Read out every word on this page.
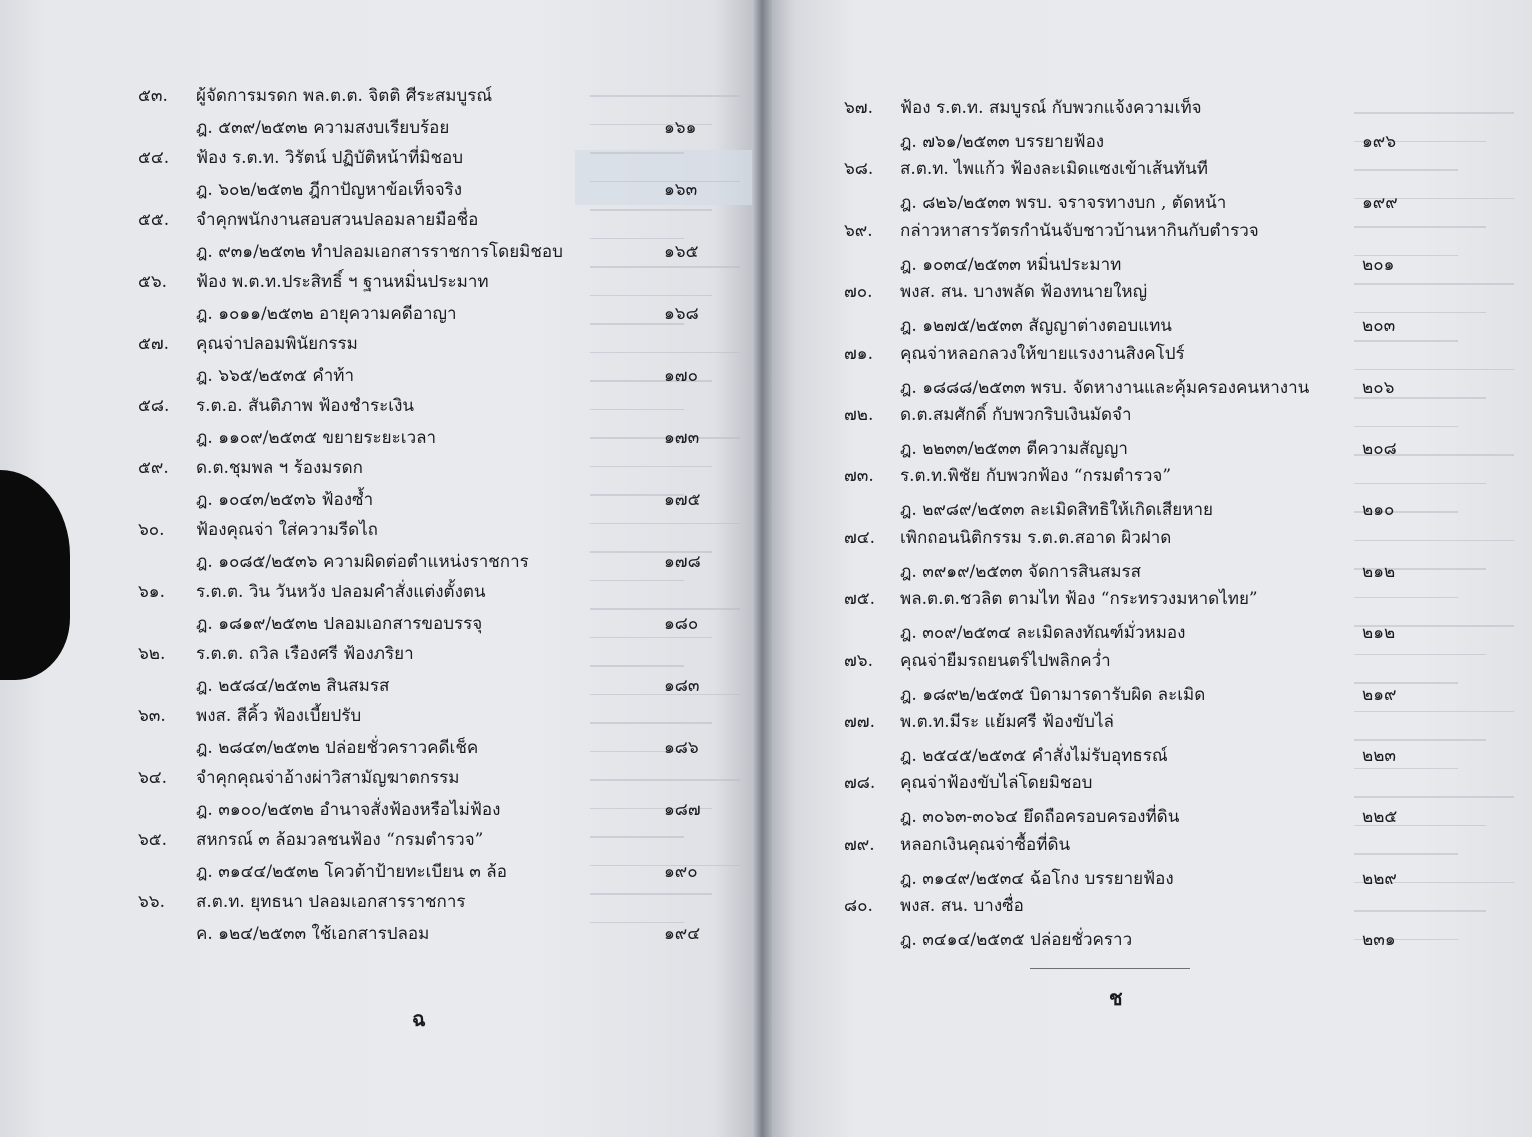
๕๓. ผู้จัดการมรดก พล.ต.ต. จิตติ ศีระสมบูรณ์
ฎ. ๕๓๙/๒๕๓๒ ความสงบเรียบร้อย	๑๖๑
๕๔. ฟ้อง ร.ต.ท. วิรัตน์ ปฏิบัติหน้าที่มิชอบ
ฎ. ๖๐๒/๒๕๓๒ ฎีกาปัญหาข้อเท็จจริง	๑๖๓
๕๕. จำคุกพนักงานสอบสวนปลอมลายมือชื่อ
ฎ. ๙๓๑/๒๕๓๒ ทำปลอมเอกสารราชการโดยมิชอบ	๑๖๕
๕๖. ฟ้อง พ.ต.ท.ประสิทธิ์ ฯ ฐานหมิ่นประมาท
ฎ. ๑๐๑๑/๒๕๓๒ อายุความคดีอาญา	๑๖๘
๕๗. คุณจ่าปลอมพินัยกรรม
ฎ. ๖๖๕/๒๕๓๕ คำท้า	๑๗๐
๕๘. ร.ต.อ. สันติภาพ ฟ้องชำระเงิน
ฎ. ๑๑๐๙/๒๕๓๕ ขยายระยะเวลา	๑๗๓
๕๙. ด.ต.ชุมพล ฯ ร้องมรดก
ฎ. ๑๐๔๓/๒๕๓๖ ฟ้องซ้ำ	๑๗๕
๖๐. ฟ้องคุณจ่า ใส่ความรีดไถ
ฎ. ๑๐๘๕/๒๕๓๖ ความผิดต่อตำแหน่งราชการ	๑๗๘
๖๑. ร.ต.ต. วิน วันหวัง ปลอมคำสั่งแต่งตั้งตน
ฎ. ๑๘๑๙/๒๕๓๒ ปลอมเอกสารขอบรรจุ	๑๘๐
๖๒. ร.ต.ต. ถวิล เรืองศรี ฟ้องภริยา
ฎ. ๒๕๘๔/๒๕๓๒ สินสมรส	๑๘๓
๖๓. พงส. สีคิ้ว ฟ้องเบี้ยปรับ
ฎ. ๒๘๔๓/๒๕๓๒ ปล่อยชั่วคราวคดีเช็ค	๑๘๖
๖๔. จำคุกคุณจ่าอ้างผ่าวิสามัญฆาตกรรม
ฎ. ๓๑๐๐/๒๕๓๒ อำนาจสั่งฟ้องหรือไม่ฟ้อง	๑๘๗
๖๕. สหกรณ์ ๓ ล้อมวลชนฟ้อง “กรมตำรวจ”
ฎ. ๓๑๔๔/๒๕๓๒ โควต้าป้ายทะเบียน ๓ ล้อ	๑๙๐
๖๖. ส.ต.ท. ยุทธนา ปลอมเอกสารราชการ
ค. ๑๒๔/๒๕๓๓ ใช้เอกสารปลอม	๑๙๔
ฉ
๖๗. ฟ้อง ร.ต.ท. สมบูรณ์ กับพวกแจ้งความเท็จ
ฎ. ๗๖๑/๒๕๓๓ บรรยายฟ้อง	๑๙๖
๖๘. ส.ต.ท. ไพแก้ว ฟ้องละเมิดแซงเข้าเส้นทันที
ฎ. ๘๒๖/๒๕๓๓ พรบ. จราจรทางบก , ตัดหน้า	๑๙๙
๖๙. กล่าวหาสารวัตรกำนันจับชาวบ้านหากินกับตำรวจ
ฎ. ๑๐๓๔/๒๕๓๓ หมิ่นประมาท	๒๐๑
๗๐. พงส. สน. บางพลัด ฟ้องทนายใหญ่
ฎ. ๑๒๗๕/๒๕๓๓ สัญญาต่างตอบแทน	๒๐๓
๗๑. คุณจ่าหลอกลวงให้ขายแรงงานสิงคโปร์
ฎ. ๑๘๘๘/๒๕๓๓ พรบ. จัดหางานและคุ้มครองคนหางาน	๒๐๖
๗๒. ด.ต.สมศักดิ์ กับพวกริบเงินมัดจำ
ฎ. ๒๒๓๓/๒๕๓๓ ตีความสัญญา	๒๐๘
๗๓. ร.ต.ท.พิชัย กับพวกฟ้อง “กรมตำรวจ”
ฎ. ๒๙๘๙/๒๕๓๓ ละเมิดสิทธิให้เกิดเสียหาย	๒๑๐
๗๔. เพิกถอนนิติกรรม ร.ต.ต.สอาด ผิวฝาด
ฎ. ๓๙๑๙/๒๕๓๓ จัดการสินสมรส	๒๑๒
๗๕. พล.ต.ต.ชวลิต ตามไท ฟ้อง “กระทรวงมหาดไทย”
ฎ. ๓๐๙/๒๕๓๔ ละเมิดลงทัณฑ์มั่วหมอง	๒๑๒
๗๖. คุณจ่ายืมรถยนตร์ไปพลิกคว่ำ
ฎ. ๑๘๙๒/๒๕๓๕ บิดามารดารับผิด ละเมิด	๒๑๙
๗๗. พ.ต.ท.มีระ แย้มศรี ฟ้องขับไล่
ฎ. ๒๕๔๕/๒๕๓๕ คำสั่งไม่รับอุทธรณ์	๒๒๓
๗๘. คุณจ่าฟ้องขับไล่โดยมิชอบ
ฎ. ๓๐๖๓-๓๐๖๔ ยึดถือครอบครองที่ดิน	๒๒๕
๗๙. หลอกเงินคุณจ่าซื้อที่ดิน
ฎ. ๓๑๔๙/๒๕๓๔ ฉ้อโกง บรรยายฟ้อง	๒๒๙
๘๐. พงส. สน. บางซื่อ
ฎ. ๓๔๑๔/๒๕๓๕ ปล่อยชั่วคราว	๒๓๑
ช
